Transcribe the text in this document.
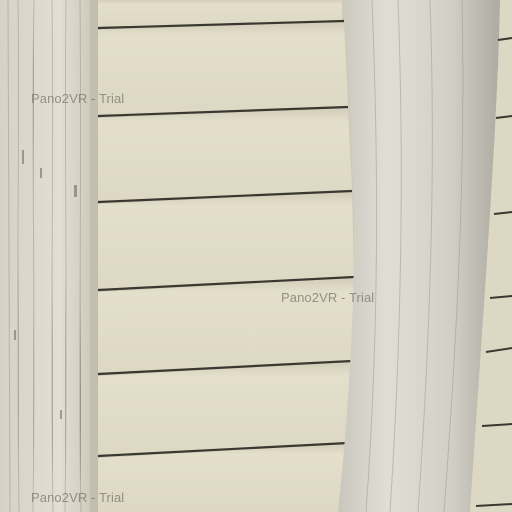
Pano2VR - Trial
Pano2VR - Trial
Pano2VR - Trial
